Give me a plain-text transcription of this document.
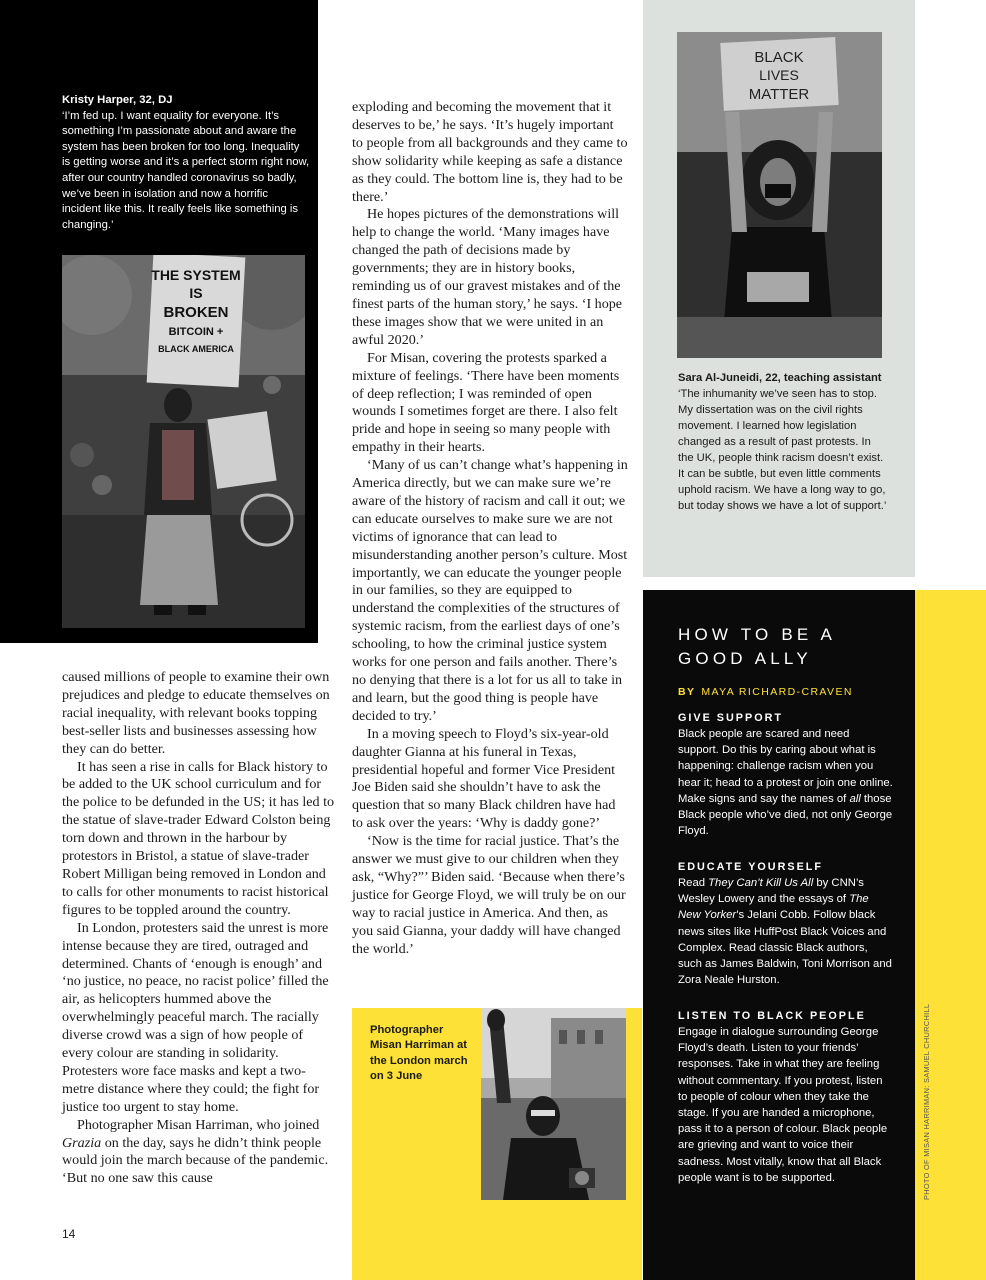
Kristy Harper, 32, DJ
‘I’m fed up. I want equality for everyone. It’s something I’m passionate about and aware the system has been broken for too long. Inequality is getting worse and it’s a perfect storm right now, after our country handled coronavirus so badly, we’ve been in isolation and now a horrific incident like this. It really feels like something is changing.’
THE SYSTEM
IS
BROKEN
BITCOIN +
BLACK AMERICA
BLACK
LIVES
MATTER
Sara Al-Juneidi, 22, teaching assistant
‘The inhumanity we’ve seen has to stop. My dissertation was on the civil rights movement. I learned how legislation changed as a result of past protests. In the UK, people think racism doesn’t exist. It can be subtle, but even little comments uphold racism. We have a long way to go, but today shows we have a lot of support.’
HOW TO BE A GOOD ALLY
BY MAYA RICHARD-CRAVEN
GIVE SUPPORT
Black people are scared and need support. Do this by caring about what is happening: challenge racism when you hear it; head to a protest or join one online. Make signs and say the names of all those Black people who’ve died, not only George Floyd.
EDUCATE YOURSELF
Read They Can’t Kill Us All by CNN’s Wesley Lowery and the essays of The New Yorker’s Jelani Cobb. Follow black news sites like HuffPost Black Voices and Complex. Read classic Black authors, such as James Baldwin, Toni Morrison and Zora Neale Hurston.
LISTEN TO BLACK PEOPLE
Engage in dialogue surrounding George Floyd’s death. Listen to your friends’ responses. Take in what they are feeling without commentary. If you protest, listen to people of colour when they take the stage. If you are handed a microphone, pass it to a person of colour. Black people are grieving and want to voice their sadness. Most vitally, know that all Black people want is to be supported.

caused millions of people to examine their own prejudices and pledge to educate themselves on racial inequality, with relevant books topping best-seller lists and businesses assessing how they can do better.

It has seen a rise in calls for Black history to be added to the UK school curriculum and for the police to be defunded in the US; it has led to the statue of slave-trader Edward Colston being torn down and thrown in the harbour by protestors in Bristol, a statue of slave-trader Robert Milligan being removed in London and to calls for other monuments to racist historical figures to be toppled around the country.

In London, protesters said the unrest is more intense because they are tired, outraged and determined. Chants of ‘enough is enough’ and ‘no justice, no peace, no racist police’ filled the air, as helicopters hummed above the overwhelmingly peaceful march. The racially diverse crowd was a sign of how people of every colour are standing in solidarity. Protesters wore face masks and kept a two-metre distance where they could; the fight for justice too urgent to stay home.

Photographer Misan Harriman, who joined Grazia on the day, says he didn’t think people would join the march because of the pandemic. ‘But no one saw this cause

exploding and becoming the movement that it deserves to be,’ he says. ‘It’s hugely important to people from all backgrounds and they came to show solidarity while keeping as safe a distance as they could. The bottom line is, they had to be there.’

He hopes pictures of the demonstrations will help to change the world. ‘Many images have changed the path of decisions made by governments; they are in history books, reminding us of our gravest mistakes and of the finest parts of the human story,’ he says. ‘I hope these images show that we were united in an awful 2020.’

For Misan, covering the protests sparked a mixture of feelings. ‘There have been moments of deep reflection; I was reminded of open wounds I sometimes forget are there. I also felt pride and hope in seeing so many people with empathy in their hearts.

‘Many of us can’t change what’s happening in America directly, but we can make sure we’re aware of the history of racism and call it out; we can educate ourselves to make sure we are not victims of ignorance that can lead to misunderstanding another person’s culture. Most importantly, we can educate the younger people in our families, so they are equipped to understand the complexities of the structures of systemic racism, from the earliest days of one’s schooling, to how the criminal justice system works for one person and fails another. There’s no denying that there is a lot for us all to take in and learn, but the good thing is people have decided to try.’

In a moving speech to Floyd’s six-year-old daughter Gianna at his funeral in Texas, presidential hopeful and former Vice President Joe Biden said she shouldn’t have to ask the question that so many Black children have had to ask over the years: ‘Why is daddy gone?’

‘Now is the time for racial justice. That’s the answer we must give to our children when they ask, “Why?”’ Biden said. ‘Because when there’s justice for George Floyd, we will truly be on our way to racial justice in America. And then, as you said Gianna, your daddy will have changed the world.’

Photographer Misan Harriman at the London march on 3 June	PHOTO OF MISAN HARRIMAN: SAMUEL CHURCHILL
14
